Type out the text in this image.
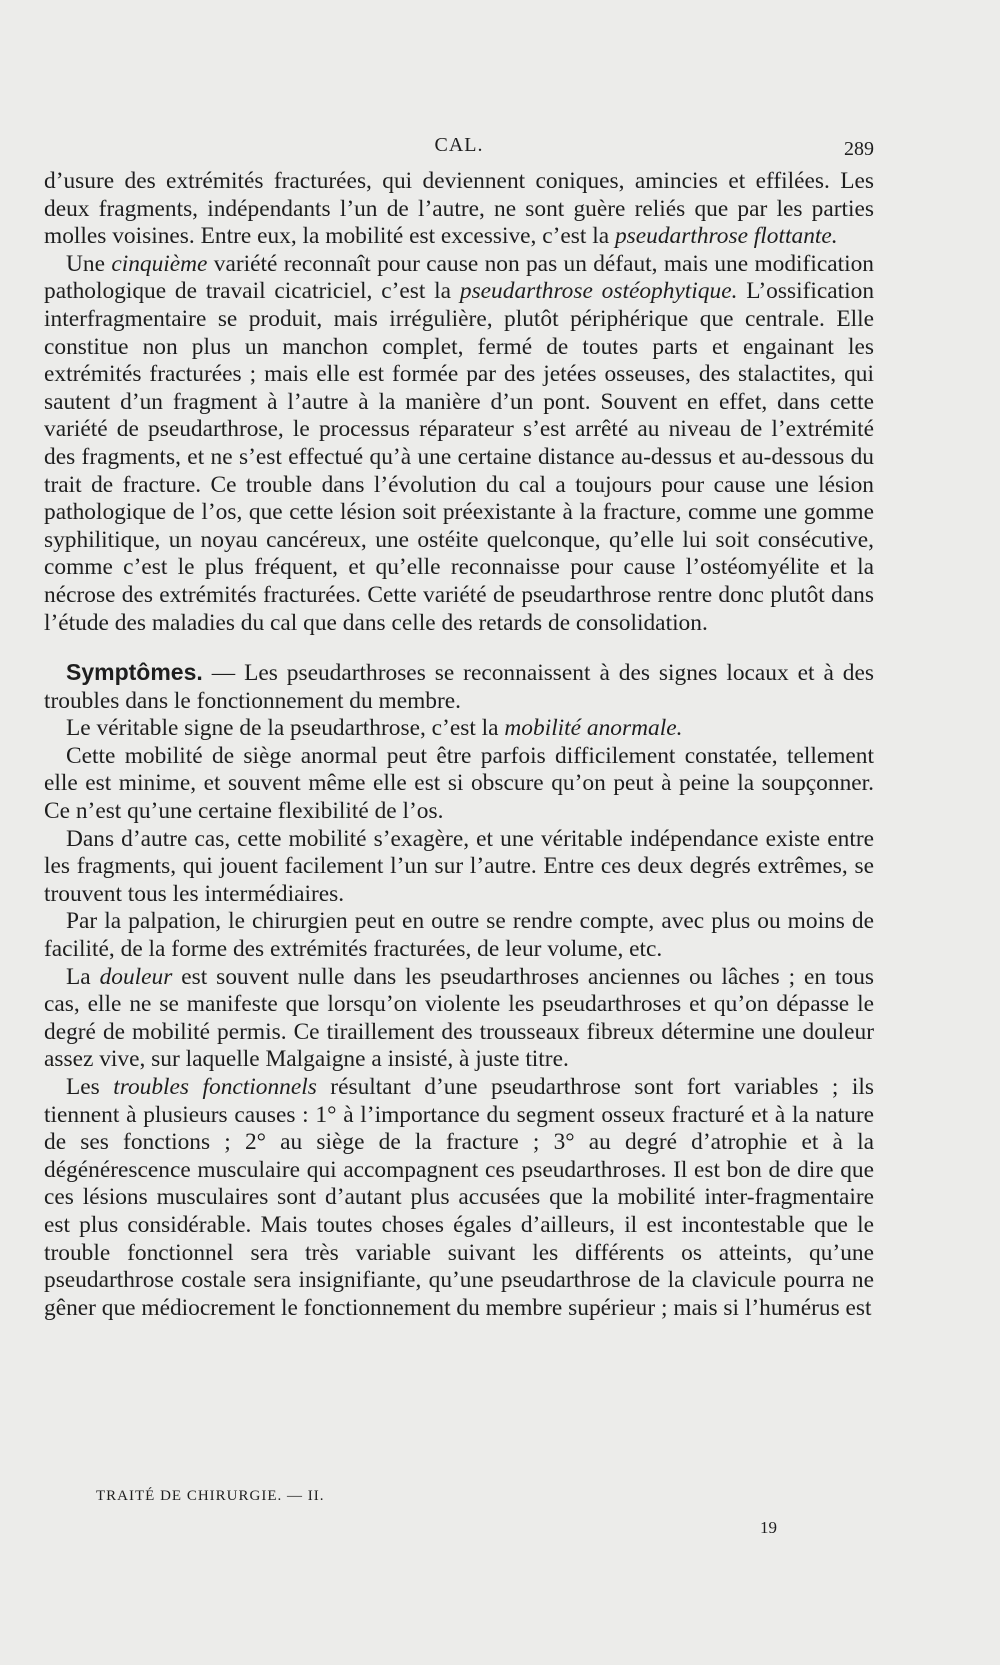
CAL.	289

d’usure des extrémités fracturées, qui deviennent coniques, amincies et effilées. Les deux fragments, indépendants l’un de l’autre, ne sont guère reliés que par les parties molles voisines. Entre eux, la mobilité est excessive, c’est la pseudarthrose flottante.

Une cinquième variété reconnaît pour cause non pas un défaut, mais une modification pathologique de travail cicatriciel, c’est la pseudarthrose ostéophytique. L’ossification interfragmentaire se produit, mais irrégulière, plutôt périphérique que centrale. Elle constitue non plus un manchon complet, fermé de toutes parts et engainant les extrémités fracturées ; mais elle est formée par des jetées osseuses, des stalactites, qui sautent d’un fragment à l’autre à la manière d’un pont. Souvent en effet, dans cette variété de pseudarthrose, le processus réparateur s’est arrêté au niveau de l’extrémité des fragments, et ne s’est effectué qu’à une certaine distance au-dessus et au-dessous du trait de fracture. Ce trouble dans l’évolution du cal a toujours pour cause une lésion pathologique de l’os, que cette lésion soit préexistante à la fracture, comme une gomme syphilitique, un noyau cancéreux, une ostéite quelconque, qu’elle lui soit consécutive, comme c’est le plus fréquent, et qu’elle reconnaisse pour cause l’ostéomyélite et la nécrose des extrémités fracturées. Cette variété de pseudarthrose rentre donc plutôt dans l’étude des maladies du cal que dans celle des retards de consolidation.

Symptômes. — Les pseudarthroses se reconnaissent à des signes locaux et à des troubles dans le fonctionnement du membre.

Le véritable signe de la pseudarthrose, c’est la mobilité anormale.

Cette mobilité de siège anormal peut être parfois difficilement constatée, tellement elle est minime, et souvent même elle est si obscure qu’on peut à peine la soupçonner. Ce n’est qu’une certaine flexibilité de l’os.

Dans d’autre cas, cette mobilité s’exagère, et une véritable indépendance existe entre les fragments, qui jouent facilement l’un sur l’autre. Entre ces deux degrés extrêmes, se trouvent tous les intermédiaires.

Par la palpation, le chirurgien peut en outre se rendre compte, avec plus ou moins de facilité, de la forme des extrémités fracturées, de leur volume, etc.

La douleur est souvent nulle dans les pseudarthroses anciennes ou lâches ; en tous cas, elle ne se manifeste que lorsqu’on violente les pseudarthroses et qu’on dépasse le degré de mobilité permis. Ce tiraillement des trousseaux fibreux détermine une douleur assez vive, sur laquelle Malgaigne a insisté, à juste titre.

Les troubles fonctionnels résultant d’une pseudarthrose sont fort variables ; ils tiennent à plusieurs causes : 1° à l’importance du segment osseux fracturé et à la nature de ses fonctions ; 2° au siège de la fracture ; 3° au degré d’atrophie et à la dégénérescence musculaire qui accompagnent ces pseudarthroses. Il est bon de dire que ces lésions musculaires sont d’autant plus accusées que la mobilité inter-fragmentaire est plus considérable. Mais toutes choses égales d’ailleurs, il est incontestable que le trouble fonctionnel sera très variable suivant les différents os atteints, qu’une pseudarthrose costale sera insignifiante, qu’une pseudarthrose de la clavicule pourra ne gêner que médiocrement le fonctionnement du membre supérieur ; mais si l’humérus est

TRAITÉ DE CHIRURGIE. — II.
19
